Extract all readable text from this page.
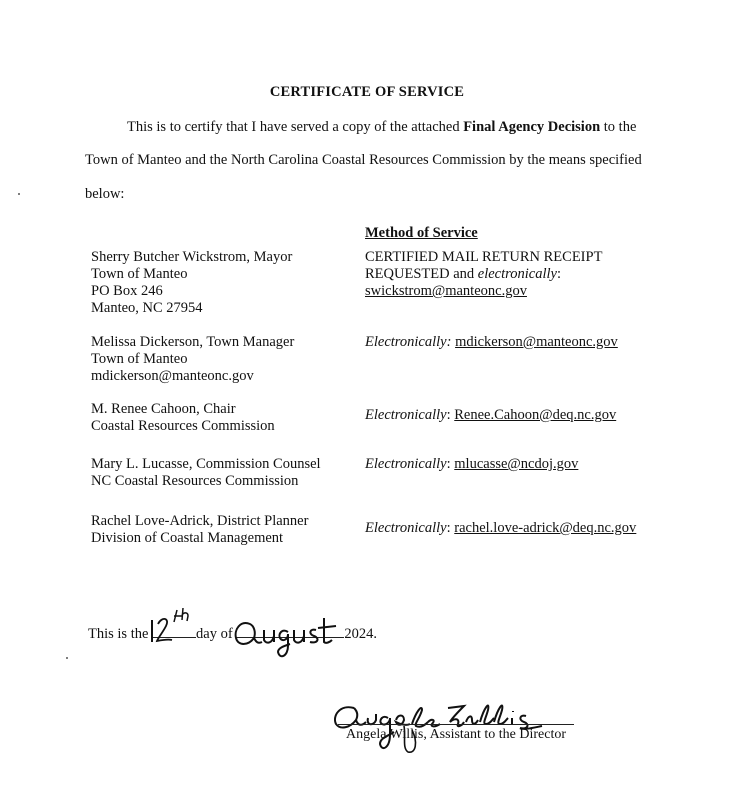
CERTIFICATE OF SERVICE
This is to certify that I have served a copy of the attached Final Agency Decision to the
Town of Manteo and the North Carolina Coastal Resources Commission by the means specified
below:
Method of Service
Sherry Butcher Wickstrom, Mayor
Town of Manteo
PO Box 246
Manteo, NC 27954
CERTIFIED MAIL RETURN RECEIPT
REQUESTED and electronically:
swickstrom@manteonc.gov
Melissa Dickerson, Town Manager
Town of Manteo
mdickerson@manteonc.gov
Electronically: mdickerson@manteonc.gov
M. Renee Cahoon, Chair
Coastal Resources Commission
Electronically: Renee.Cahoon@deq.nc.gov
Mary L. Lucasse, Commission Counsel
NC Coastal Resources Commission
Electronically: mlucasse@ncdoj.gov
Rachel Love-Adrick, District Planner
Division of Coastal Management
Electronically: rachel.love-adrick@deq.nc.gov
This is the	day of	2024.
Angela Willis, Assistant to the Director
